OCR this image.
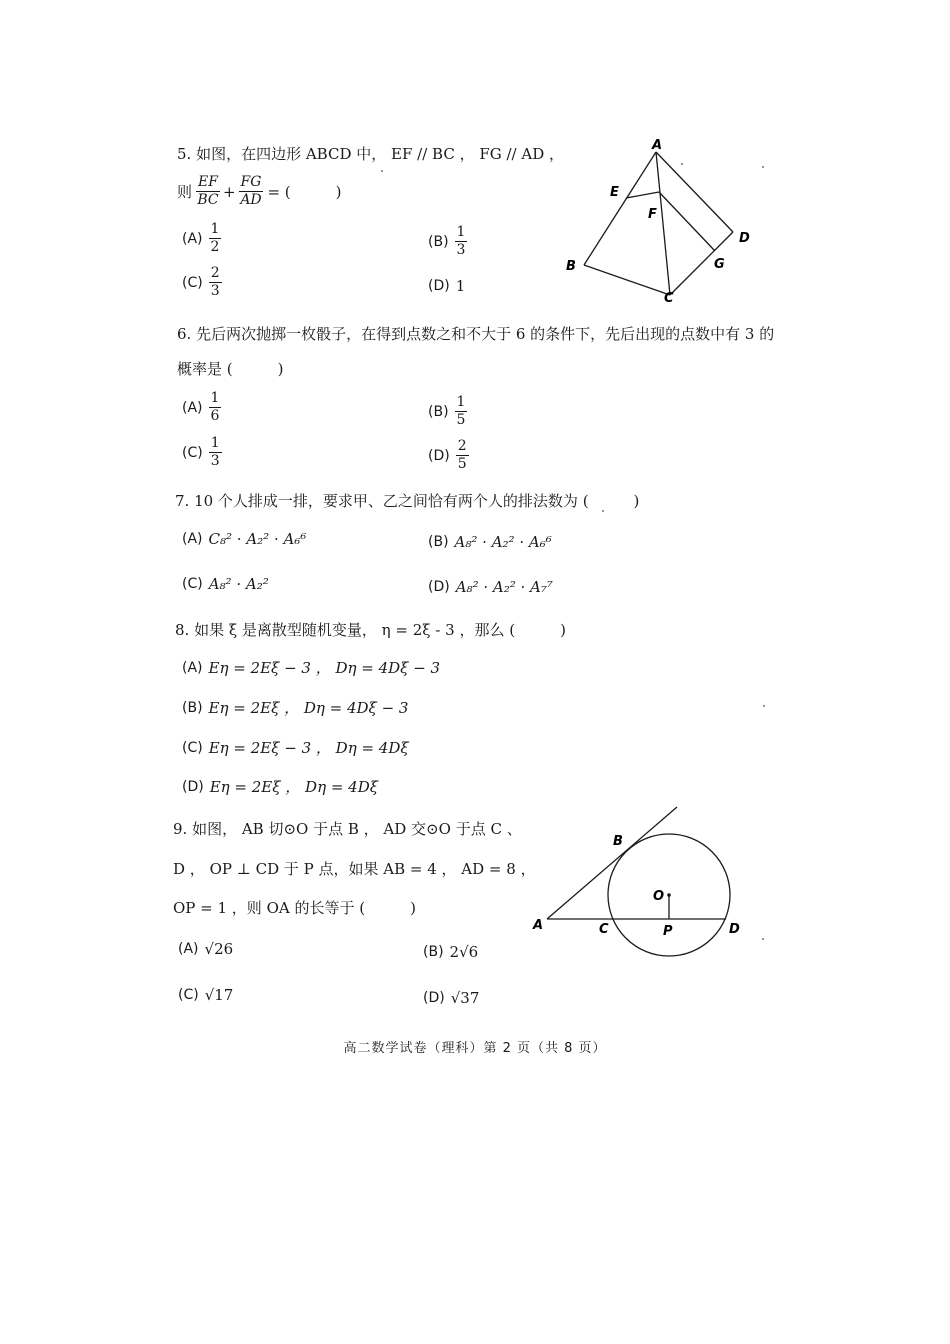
5. 如图，在四边形 ABCD 中， EF // BC ， FG // AD ，
则 $\frac{EF}{BC} + \frac{FG}{AD}$ = (　　　)
$(A) \frac{1}{2}$	$(B) \frac{1}{3}$
$(C) \frac{2}{3}$	(D) 1
A
E
F
D
B	G
C
6. 先后两次抛掷一枚骰子，在得到点数之和不大于 6 的条件下，先后出现的点数中有 3 的
概率是 (　　　)
$(A) \frac{1}{6}$	$(B) \frac{1}{5}$
$(C) \frac{1}{3}$	$(D) \frac{2}{5}$
7. 10 个人排成一排，要求甲、乙之间恰有两个人的排法数为 (　　　)
(A) C₈² · A₂² · A₆⁶	(B) A₈² · A₂² · A₆⁶
(C) A₈² · A₂²	(D) A₈² · A₂² · A₇⁷
8. 如果 ξ 是离散型随机变量， η = 2ξ - 3 ，那么 (　　　)
(A) Eη = 2Eξ − 3 ， Dη = 4Dξ − 3
(B) Eη = 2Eξ ， Dη = 4Dξ − 3
(C) Eη = 2Eξ − 3 ， Dη = 4Dξ
(D) Eη = 2Eξ ， Dη = 4Dξ
9. 如图， AB 切⊙O 于点 B ， AD 交⊙O 于点 C 、
D ， OP ⊥ CD 于 P 点，如果 AB = 4 ， AD = 8 ，
OP = 1 ，则 OA 的长等于 (　　　)
(A) √26	(B) 2√6
(C) √17	(D) √37
B
O
A	C	P	D
高二数学试卷（理科）第 2 页（共 8 页）
